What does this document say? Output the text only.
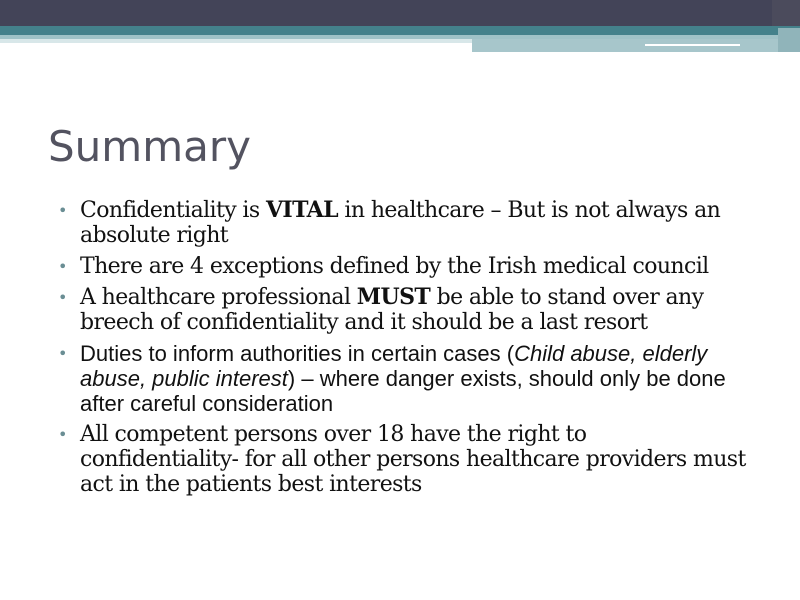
Summary
• Confidentiality is VITAL in healthcare – But is not always an absolute right
• There are 4 exceptions defined by the Irish medical council
• A healthcare professional MUST be able to stand over any breech of confidentiality and it should be a last resort
• Duties to inform authorities in certain cases (Child abuse, elderly abuse, public interest) – where danger exists, should only be done after careful consideration
• All competent persons over 18 have the right to confidentiality- for all other persons healthcare providers must act in the patients best interests
